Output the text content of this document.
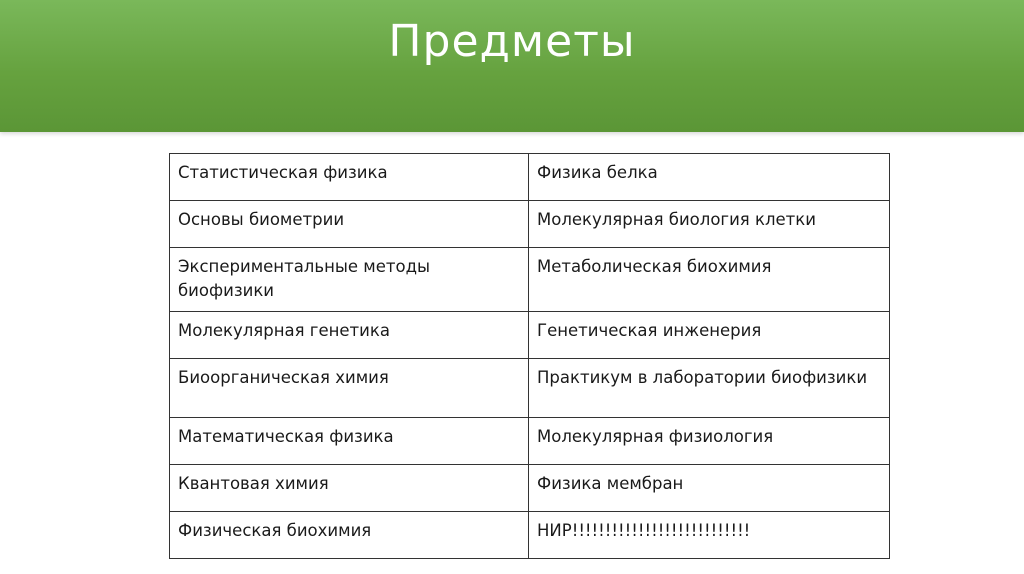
Предметы
Статистическая физика	Физика белка
Основы биометрии	Молекулярная биология клетки
Экспериментальные методы биофизики	Метаболическая биохимия
Молекулярная генетика	Генетическая инженерия
Биоорганическая химия	Практикум в лаборатории биофизики
Математическая физика	Молекулярная физиология
Квантовая химия	Физика мембран
Физическая биохимия	НИР!!!!!!!!!!!!!!!!!!!!!!!!!!!
